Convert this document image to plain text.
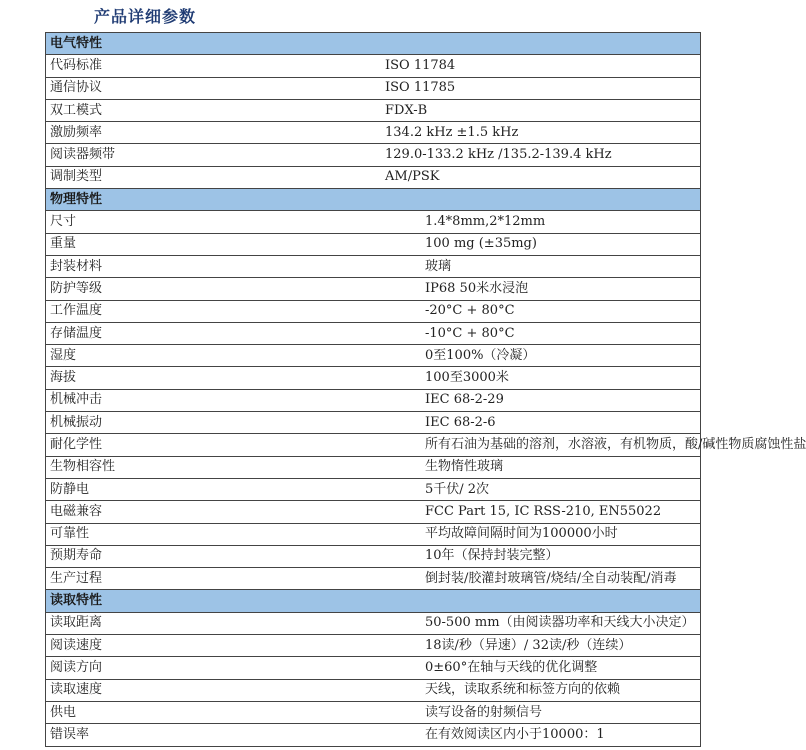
产品详细参数
电气特性	
代码标准	ISO 11784
通信协议	ISO 11785
双工模式	FDX-B
激励频率	134.2 kHz ±1.5 kHz
阅读器频带	129.0-133.2 kHz /135.2-139.4 kHz
调制类型	AM/PSK
物理特性	
尺寸	1.4*8mm,2*12mm
重量	100 mg (±35mg)
封装材料	玻璃
防护等级	IP68 50米水浸泡
工作温度	-20°C + 80°C
存储温度	-10°C + 80°C
湿度	0至100%（冷凝）
海拔	100至3000米
机械冲击	IEC 68-2-29
机械振动	IEC 68-2-6
耐化学性	所有石油为基础的溶剂，水溶液，有机物质，酸/碱性物质腐蚀性盐
生物相容性	生物惰性玻璃
防静电	5千伏/ 2次
电磁兼容	FCC Part 15, IC RSS-210, EN55022
可靠性	平均故障间隔时间为100000小时
预期寿命	10年（保持封装完整）
生产过程	倒封装/胶灌封玻璃管/烧结/全自动装配/消毒
读取特性	
读取距离	50-500 mm（由阅读器功率和天线大小决定）
阅读速度	18读/秒（异速）/ 32读/秒（连续）
阅读方向	0±60°在轴与天线的优化调整
读取速度	天线，读取系统和标签方向的依赖
供电	读写设备的射频信号
错误率	在有效阅读区内小于10000：1
